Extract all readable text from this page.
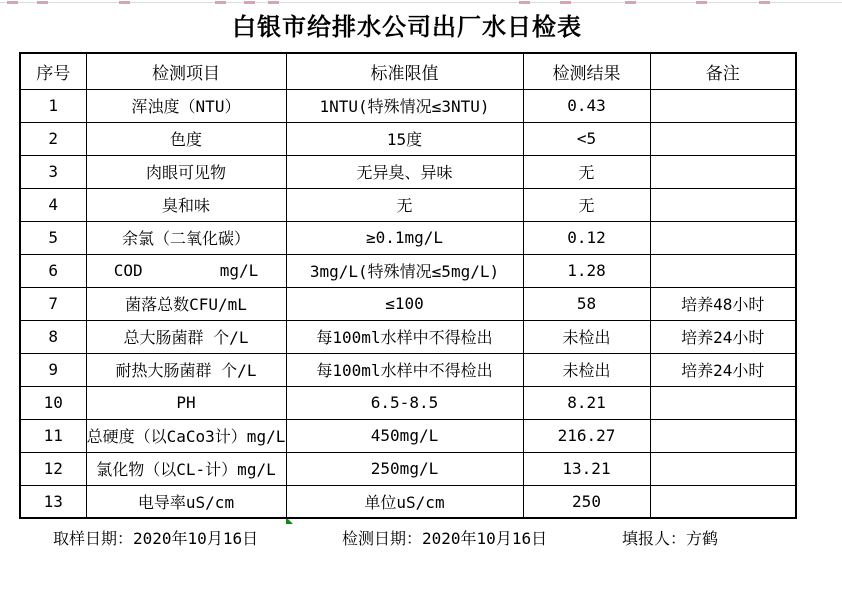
白银市给排水公司出厂水日检表
序号	检测项目	标准限值	检测结果	备注
1	浑浊度（NTU）	1NTU(特殊情况≤3NTU)	0.43	
2	色度	15度	<5	
3	肉眼可见物	无异臭、异味	无	
4	臭和味	无	无	
5	余氯（二氧化碳）	≥0.1mg/L	0.12	
6	COD        mg/L	3mg/L(特殊情况≤5mg/L)	1.28	
7	菌落总数CFU/mL	≤100	58	培养48小时
8	总大肠菌群 个/L	每100ml水样中不得检出	未检出	培养24小时
9	耐热大肠菌群 个/L	每100ml水样中不得检出	未检出	培养24小时
10	PH	6.5-8.5	8.21	
11	总硬度（以CaCo3计）mg/L	450mg/L	216.27	
12	氯化物（以CL-计）mg/L	250mg/L	13.21	
13	电导率uS/cm	单位uS/cm	250	
取样日期：2020年10月16日	检测日期：2020年10月16日	填报人：方鹤
